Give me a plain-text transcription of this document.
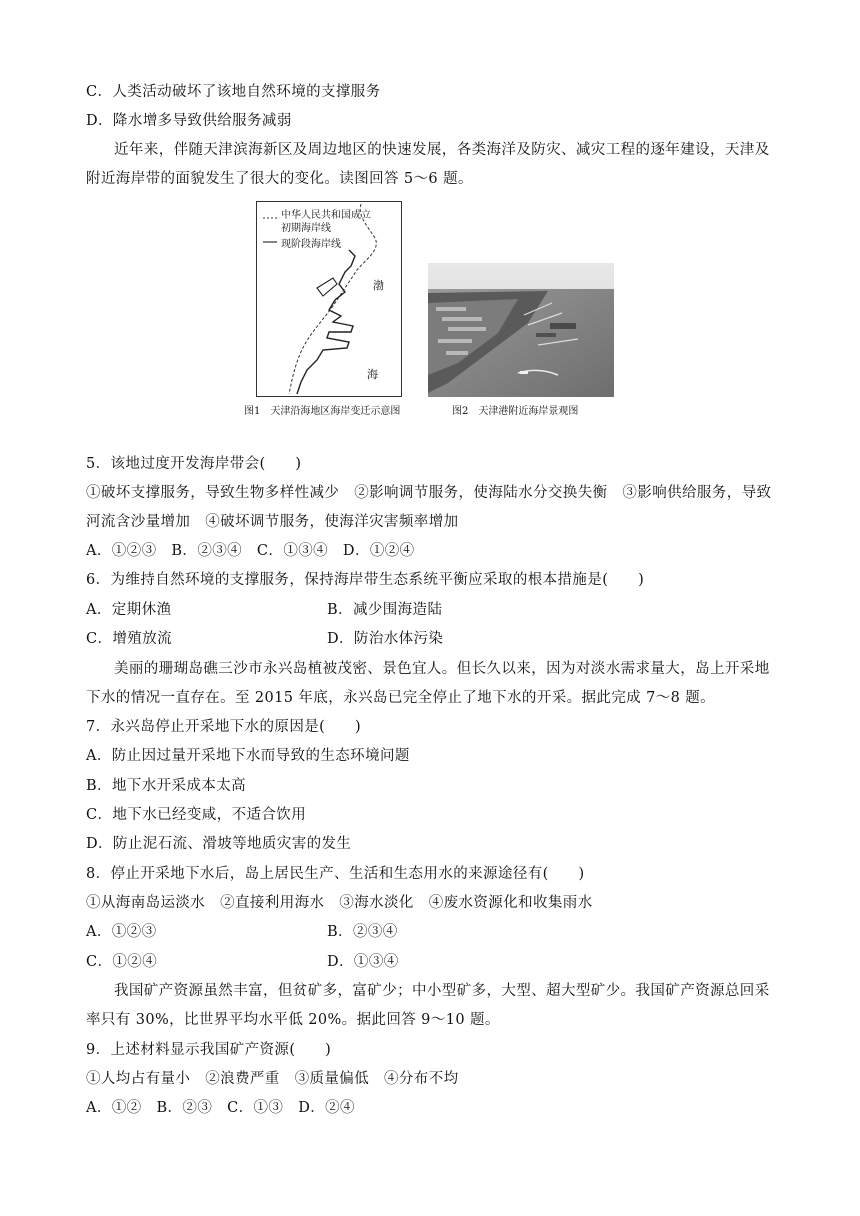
C．人类活动破坏了该地自然环境的支撑服务
D．降水增多导致供给服务减弱
近年来，伴随天津滨海新区及周边地区的快速发展，各类海洋及防灾、减灾工程的逐年建设，天津及
附近海岸带的面貌发生了很大的变化。读图回答 5～6 题。
中华人民共和国成立
初期海岸线
现阶段海岸线
渤
海
图1　天津沿海地区海岸变迁示意图	图2　天津港附近海岸景观图
5．该地过度开发海岸带会(　　)
①破坏支撑服务，导致生物多样性减少　②影响调节服务，使海陆水分交换失衡　③影响供给服务，导致
河流含沙量增加　④破坏调节服务，使海洋灾害频率增加
A．①②③　B．②③④　C．①③④　D．①②④
6．为维持自然环境的支撑服务，保持海岸带生态系统平衡应采取的根本措施是(　　)
A．定期休渔	B．减少围海造陆
C．增殖放流	D．防治水体污染
美丽的珊瑚岛礁三沙市永兴岛植被茂密、景色宜人。但长久以来，因为对淡水需求量大，岛上开采地
下水的情况一直存在。至 2015 年底，永兴岛已完全停止了地下水的开采。据此完成 7～8 题。
7．永兴岛停止开采地下水的原因是(　　)
A．防止因过量开采地下水而导致的生态环境问题
B．地下水开采成本太高
C．地下水已经变咸，不适合饮用
D．防止泥石流、滑坡等地质灾害的发生
8．停止开采地下水后，岛上居民生产、生活和生态用水的来源途径有(　　)
①从海南岛运淡水　②直接利用海水　③海水淡化　④废水资源化和收集雨水
A．①②③	B．②③④
C．①②④	D．①③④
我国矿产资源虽然丰富，但贫矿多，富矿少；中小型矿多，大型、超大型矿少。我国矿产资源总回采
率只有 30%，比世界平均水平低 20%。据此回答 9～10 题。
9．上述材料显示我国矿产资源(　　)
①人均占有量小　②浪费严重　③质量偏低　④分布不均
A．①②　B．②③　C．①③　D．②④
